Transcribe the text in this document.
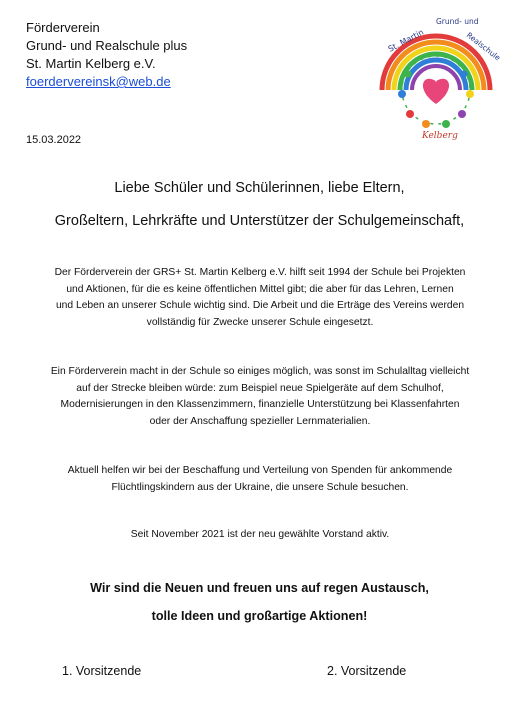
Förderverein
Grund- und Realschule plus
St. Martin Kelberg e.V.
foerdervereinsk@web.de
St. Martin
Grund- und
Realschule
Kelberg
15.03.2022
Liebe Schüler und Schülerinnen, liebe Eltern,
Großeltern, Lehrkräfte und Unterstützer der Schulgemeinschaft,
Der Förderverein der GRS+ St. Martin Kelberg e.V. hilft seit 1994 der Schule bei Projekten
und Aktionen, für die es keine öffentlichen Mittel gibt; die aber für das Lehren, Lernen
und Leben an unserer Schule wichtig sind. Die Arbeit und die Erträge des Vereins werden
vollständig für Zwecke unserer Schule eingesetzt.
Ein Förderverein macht in der Schule so einiges möglich, was sonst im Schulalltag vielleicht
auf der Strecke bleiben würde: zum Beispiel neue Spielgeräte auf dem Schulhof,
Modernisierungen in den Klassenzimmern, finanzielle Unterstützung bei Klassenfahrten
oder der Anschaffung spezieller Lernmaterialien.
Aktuell helfen wir bei der Beschaffung und Verteilung von Spenden für ankommende
Flüchtlingskindern aus der Ukraine, die unsere Schule besuchen.
Seit November 2021 ist der neu gewählte Vorstand aktiv.
Wir sind die Neuen und freuen uns auf regen Austausch,
tolle Ideen und großartige Aktionen!
1. Vorsitzende	2. Vorsitzende
